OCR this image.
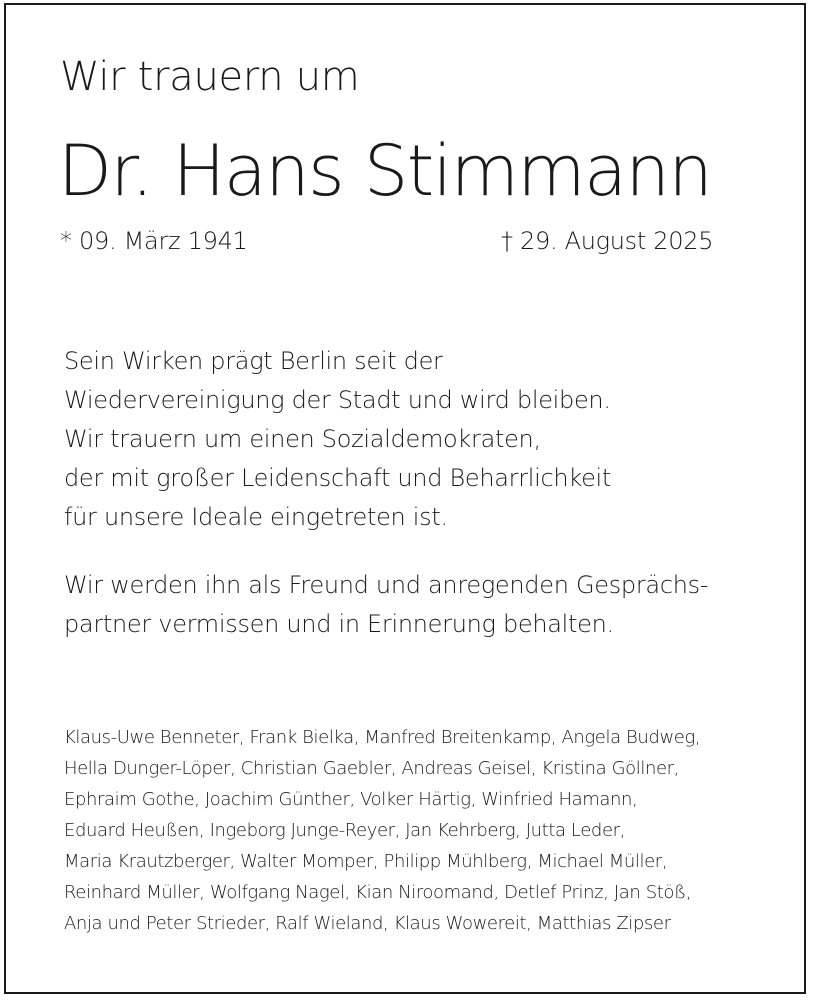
Wir trauern um
Dr. Hans Stimmann
* 09. März 1941	† 29. August 2025
Sein Wirken prägt Berlin seit der
Wiedervereinigung der Stadt und wird bleiben.
Wir trauern um einen Sozialdemokraten,
der mit großer Leidenschaft und Beharrlichkeit
für unsere Ideale eingetreten ist.
Wir werden ihn als Freund und anregenden Gesprächs-
partner vermissen und in Erinnerung behalten.
Klaus-Uwe Benneter, Frank Bielka, Manfred Breitenkamp, Angela Budweg,
Hella Dunger-Löper, Christian Gaebler, Andreas Geisel, Kristina Göllner,
Ephraim Gothe, Joachim Günther, Volker Härtig, Winfried Hamann,
Eduard Heußen, Ingeborg Junge-Reyer, Jan Kehrberg, Jutta Leder,
Maria Krautzberger, Walter Momper, Philipp Mühlberg, Michael Müller,
Reinhard Müller, Wolfgang Nagel, Kian Niroomand, Detlef Prinz, Jan Stöß,
Anja und Peter Strieder, Ralf Wieland, Klaus Wowereit, Matthias Zipser
